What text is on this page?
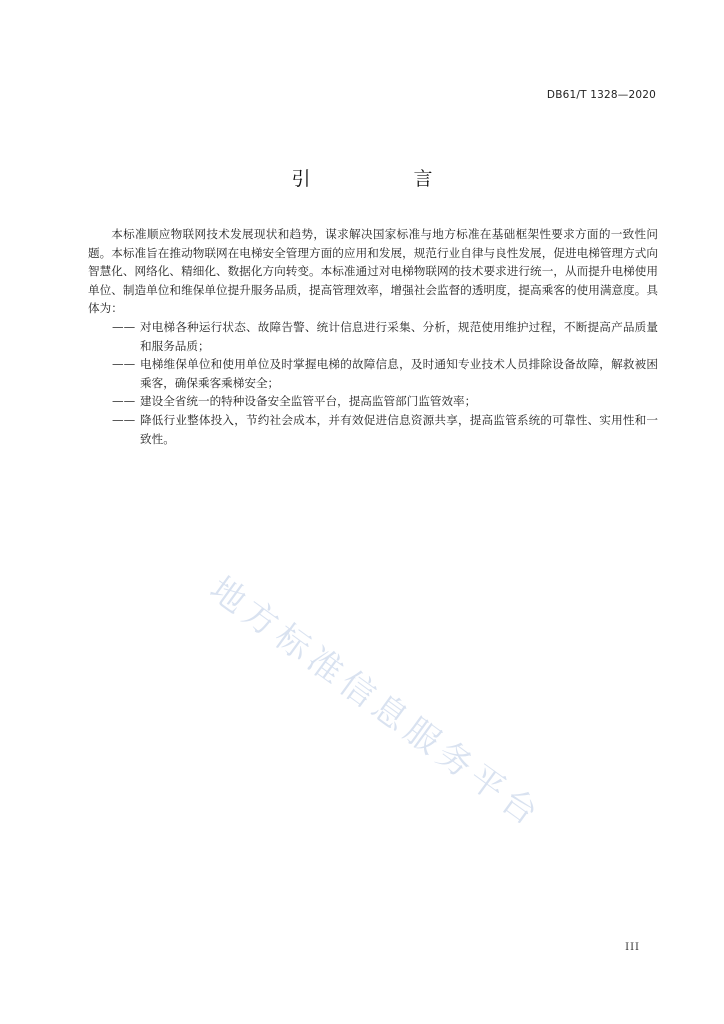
DB61/T 1328—2020
引　言

本标准顺应物联网技术发展现状和趋势，谋求解决国家标准与地方标准在基础框架性要求方面的一致性问题。本标准旨在推动物联网在电梯安全管理方面的应用和发展，规范行业自律与良性发展，促进电梯管理方式向智慧化、网络化、精细化、数据化方向转变。本标准通过对电梯物联网的技术要求进行统一，从而提升电梯使用单位、制造单位和维保单位提升服务品质，提高管理效率，增强社会监督的透明度，提高乘客的使用满意度。具体为：

—— 对电梯各种运行状态、故障告警、统计信息进行采集、分析，规范使用维护过程，不断提高产品质量和服务品质；
—— 电梯维保单位和使用单位及时掌握电梯的故障信息，及时通知专业技术人员排除设备故障，解救被困乘客，确保乘客乘梯安全；
—— 建设全省统一的特种设备安全监管平台，提高监管部门监管效率；
—— 降低行业整体投入，节约社会成本，并有效促进信息资源共享，提高监管系统的可靠性、实用性和一致性。
地方标准信息服务平台
III
